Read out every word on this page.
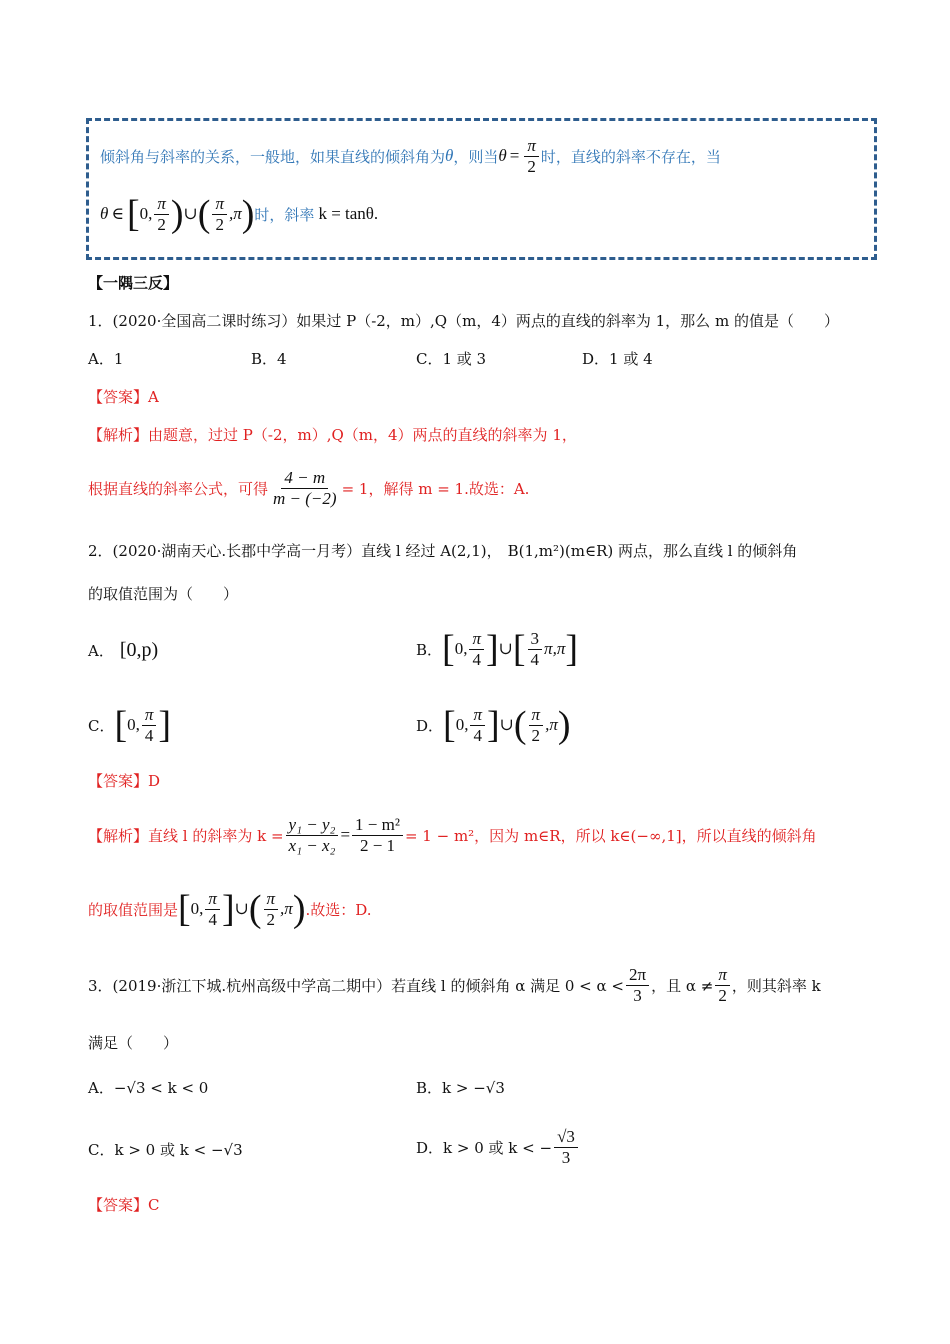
倾斜角与斜率的关系，一般地，如果直线的倾斜角为 θ ，则当 $\theta = \frac{\pi}{2}$ 时，直线的斜率不存在，当
θ ∈ [ 0, $\frac{\pi}{2}$ ) ∪ ( $\frac{\pi}{2} ,\pi$ ) 时，斜率 k = tanθ.
【一隅三反】
1．(2020·全国高二课时练习）如果过 P（-2，m）,Q（m，4）两点的直线的斜率为 1，那么 m 的值是（　　）
A．1	B．4	C．1 或 3	D．1 或 4
【答案】A
【解析】由题意，过过 P（-2，m）,Q（m，4）两点的直线的斜率为 1，
根据直线的斜率公式，可得 $\frac{4 - m}{m - (-2)} = 1$，解得 m = 1.故选：A.
2．(2020·湖南天心.长郡中学高一月考）直线 l 经过 A(2,1)， B(1,m²)(m∈R) 两点，那么直线 l 的倾斜角
的取值范围为（　　）
A． [0,p)	B． [ 0, $\frac{\pi}{4}$ ] ∪ [ $\frac{3}{4}$ π ,π ]
C． [ 0, $\frac{\pi}{4}$ ]	D． [ 0, $\frac{\pi}{4}$ ] ∪ ( $\frac{\pi}{2} ,\pi$ )
【答案】D
【解析】 直线 l 的斜率为 $k = \frac{\text{y₁ − y₂}}{\text{x₁ − x₂}} = \frac{\text{1 − m²}}{2 - 1} = 1 - m^2$，因为 m∈R，所以 k∈(−∞,1]，所以直线的倾斜角
的取值范围是 [ 0, $\frac{\pi}{4}$ ] ∪ ( $\frac{\pi}{2} ,\pi$ ) .故选：D.
3．(2019·浙江下城.杭州高级中学高二期中）若直线 l 的倾斜角 α 满足 $0 < \alpha < \frac{2\pi}{3}$ ，且 $\alpha \ne \frac{\pi}{2}$ ，则其斜率 k
满足（　　）
A．−√3 < k < 0	B．k > −√3
C．k > 0 或 k < −√3	D．k > 0 或 k < − $\frac{√3}{3}$
【答案】C
